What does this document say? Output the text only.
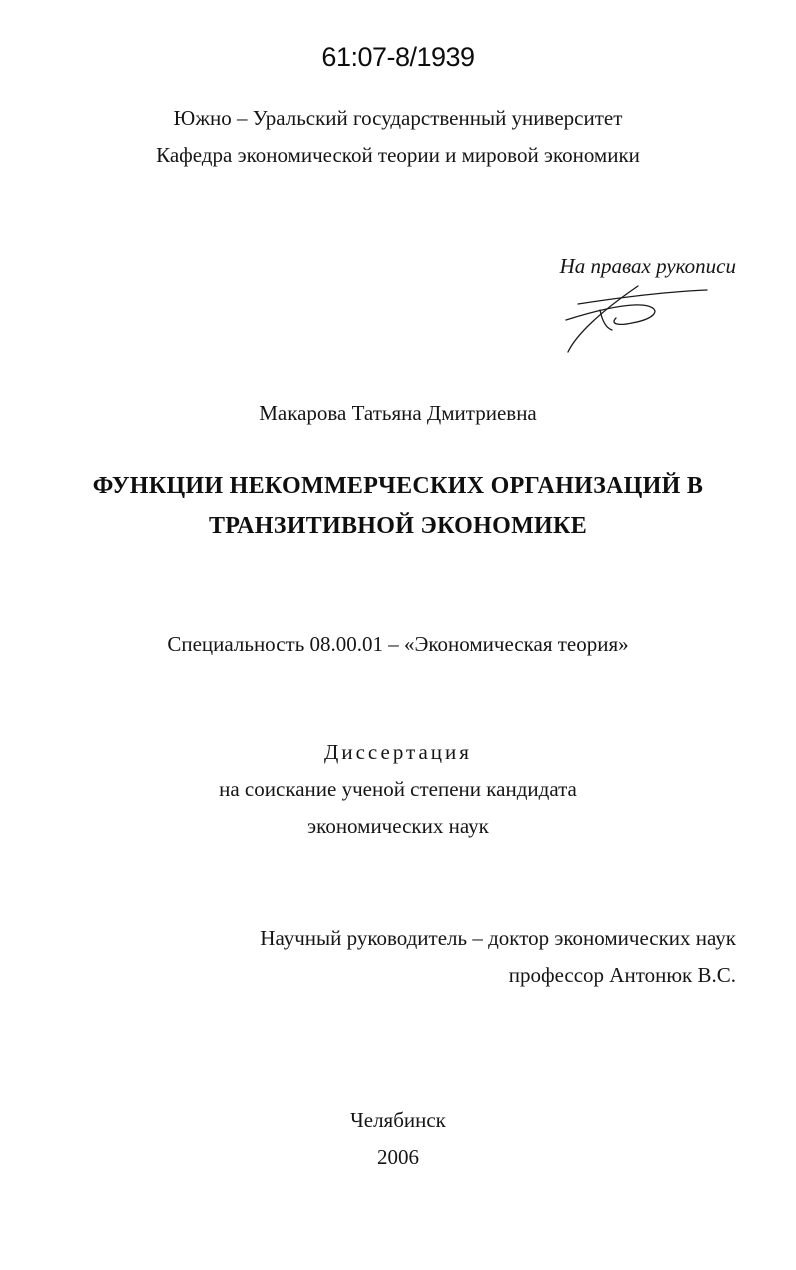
61:07-8/1939
Южно – Уральский государственный университет
Кафедра экономической теории и мировой экономики
На правах рукописи
Макарова Татьяна Дмитриевна
ФУНКЦИИ НЕКОММЕРЧЕСКИХ ОРГАНИЗАЦИЙ В
ТРАНЗИТИВНОЙ ЭКОНОМИКЕ
Специальность 08.00.01 – «Экономическая теория»
Диссертация
на соискание ученой степени кандидата
экономических наук
Научный руководитель – доктор экономических наук
профессор Антонюк В.С.
Челябинск
2006
